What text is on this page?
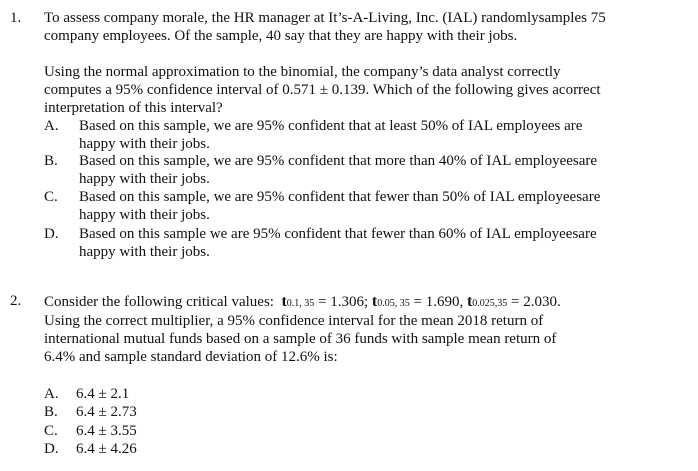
1. To assess company morale, the HR manager at It’s-A-Living, Inc. (IAL) randomlysamples 75
company employees. Of the sample, 40 say that they are happy with their jobs.
Using the normal approximation to the binomial, the company’s data analyst correctly
computes a 95% confidence interval of 0.571 ± 0.139. Which of the following gives acorrect
interpretation of this interval?
A. Based on this sample, we are 95% confident that at least 50% of IAL employees are
happy with their jobs.
B. Based on this sample, we are 95% confident that more than 40% of IAL employeesare
happy with their jobs.
C. Based on this sample, we are 95% confident that fewer than 50% of IAL employeesare
happy with their jobs.
D. Based on this sample we are 95% confident that fewer than 60% of IAL employeesare
happy with their jobs.
2. Consider the following critical values: t0.1, 35 = 1.306; t0.05, 35 = 1.690, t0.025,35 = 2.030.
Using the correct multiplier, a 95% confidence interval for the mean 2018 return of
international mutual funds based on a sample of 36 funds with sample mean return of
6.4% and sample standard deviation of 12.6% is:
A. 6.4 ± 2.1
B. 6.4 ± 2.73
C. 6.4 ± 3.55
D. 6.4 ± 4.26
